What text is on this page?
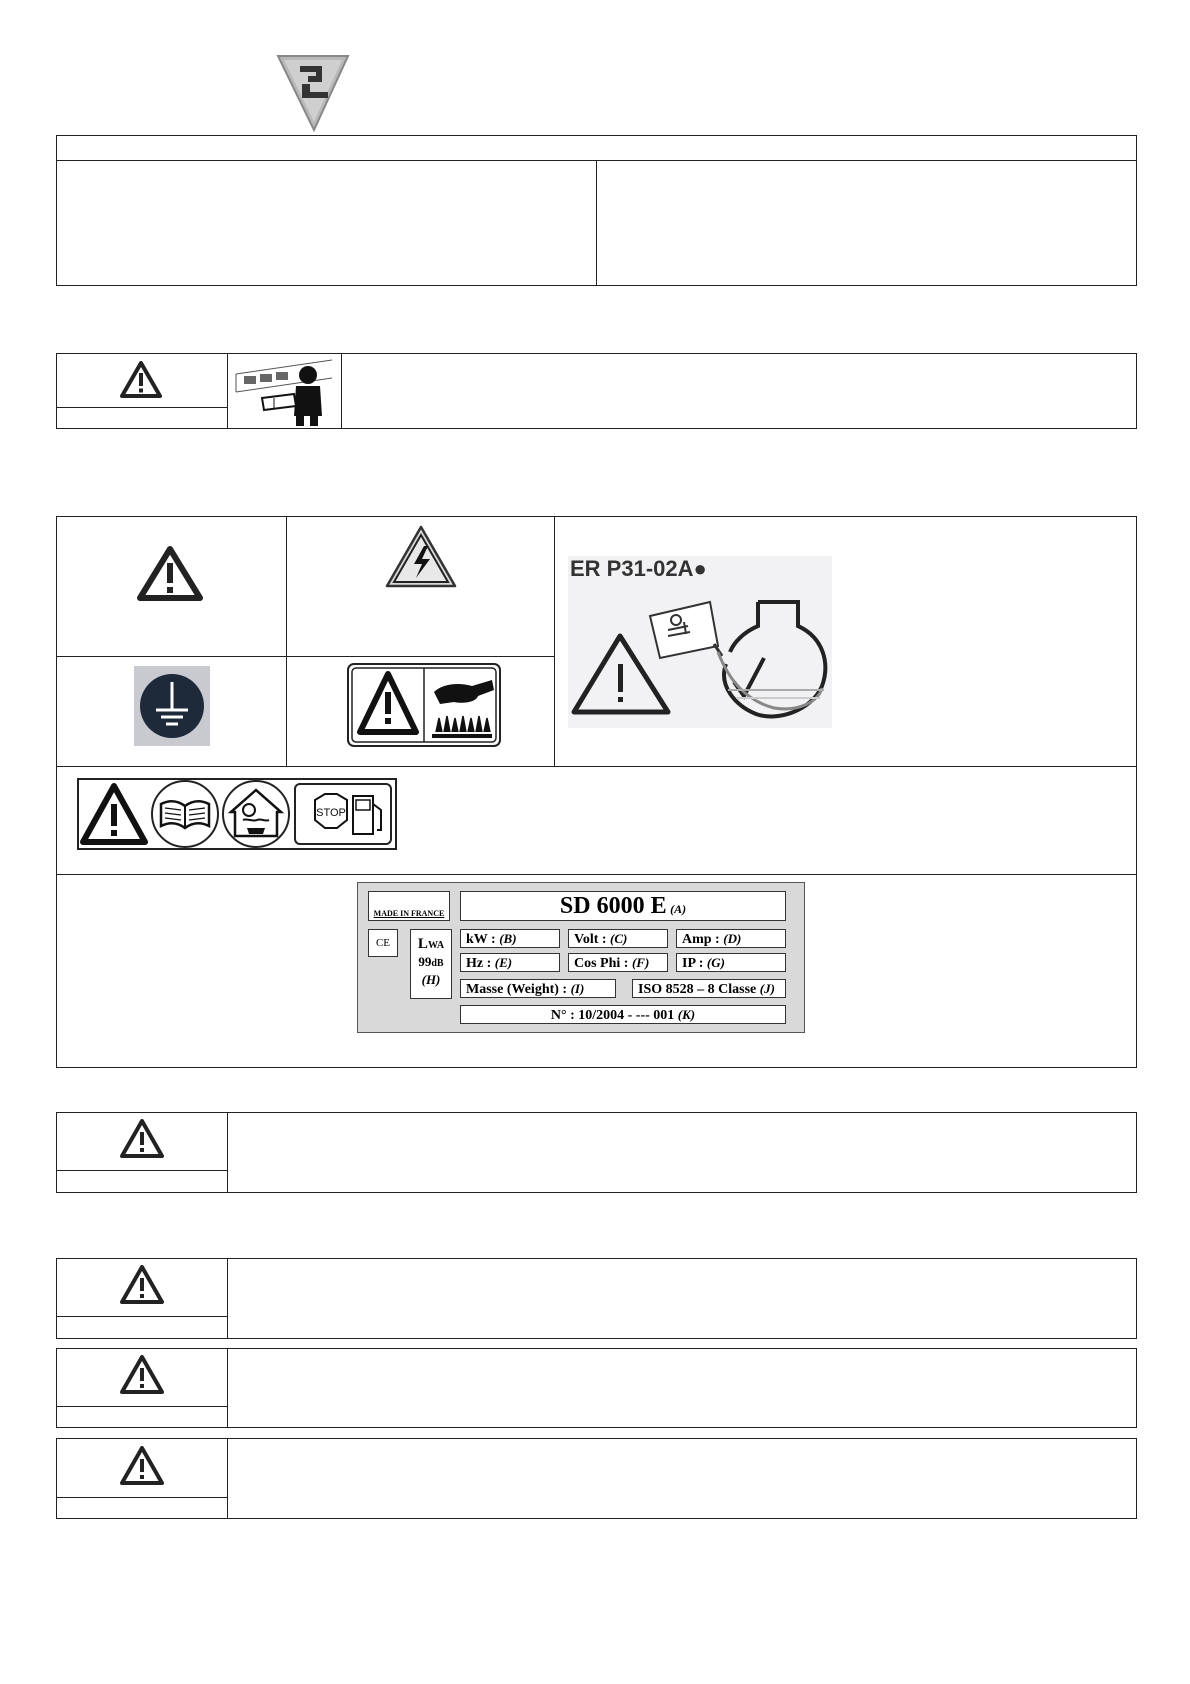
ER P31-02A●
STOP
MADE IN FRANCE
CE	LWA
99dB
(H)
SD 6000 E (A)
kW : (B)	Volt : (C)	Amp : (D)
Hz : (E)	Cos Phi : (F)	IP : (G)
Masse (Weight) : (I)	ISO 8528 – 8 Classe (J)
N° : 10/2004 - --- 001 (K)
